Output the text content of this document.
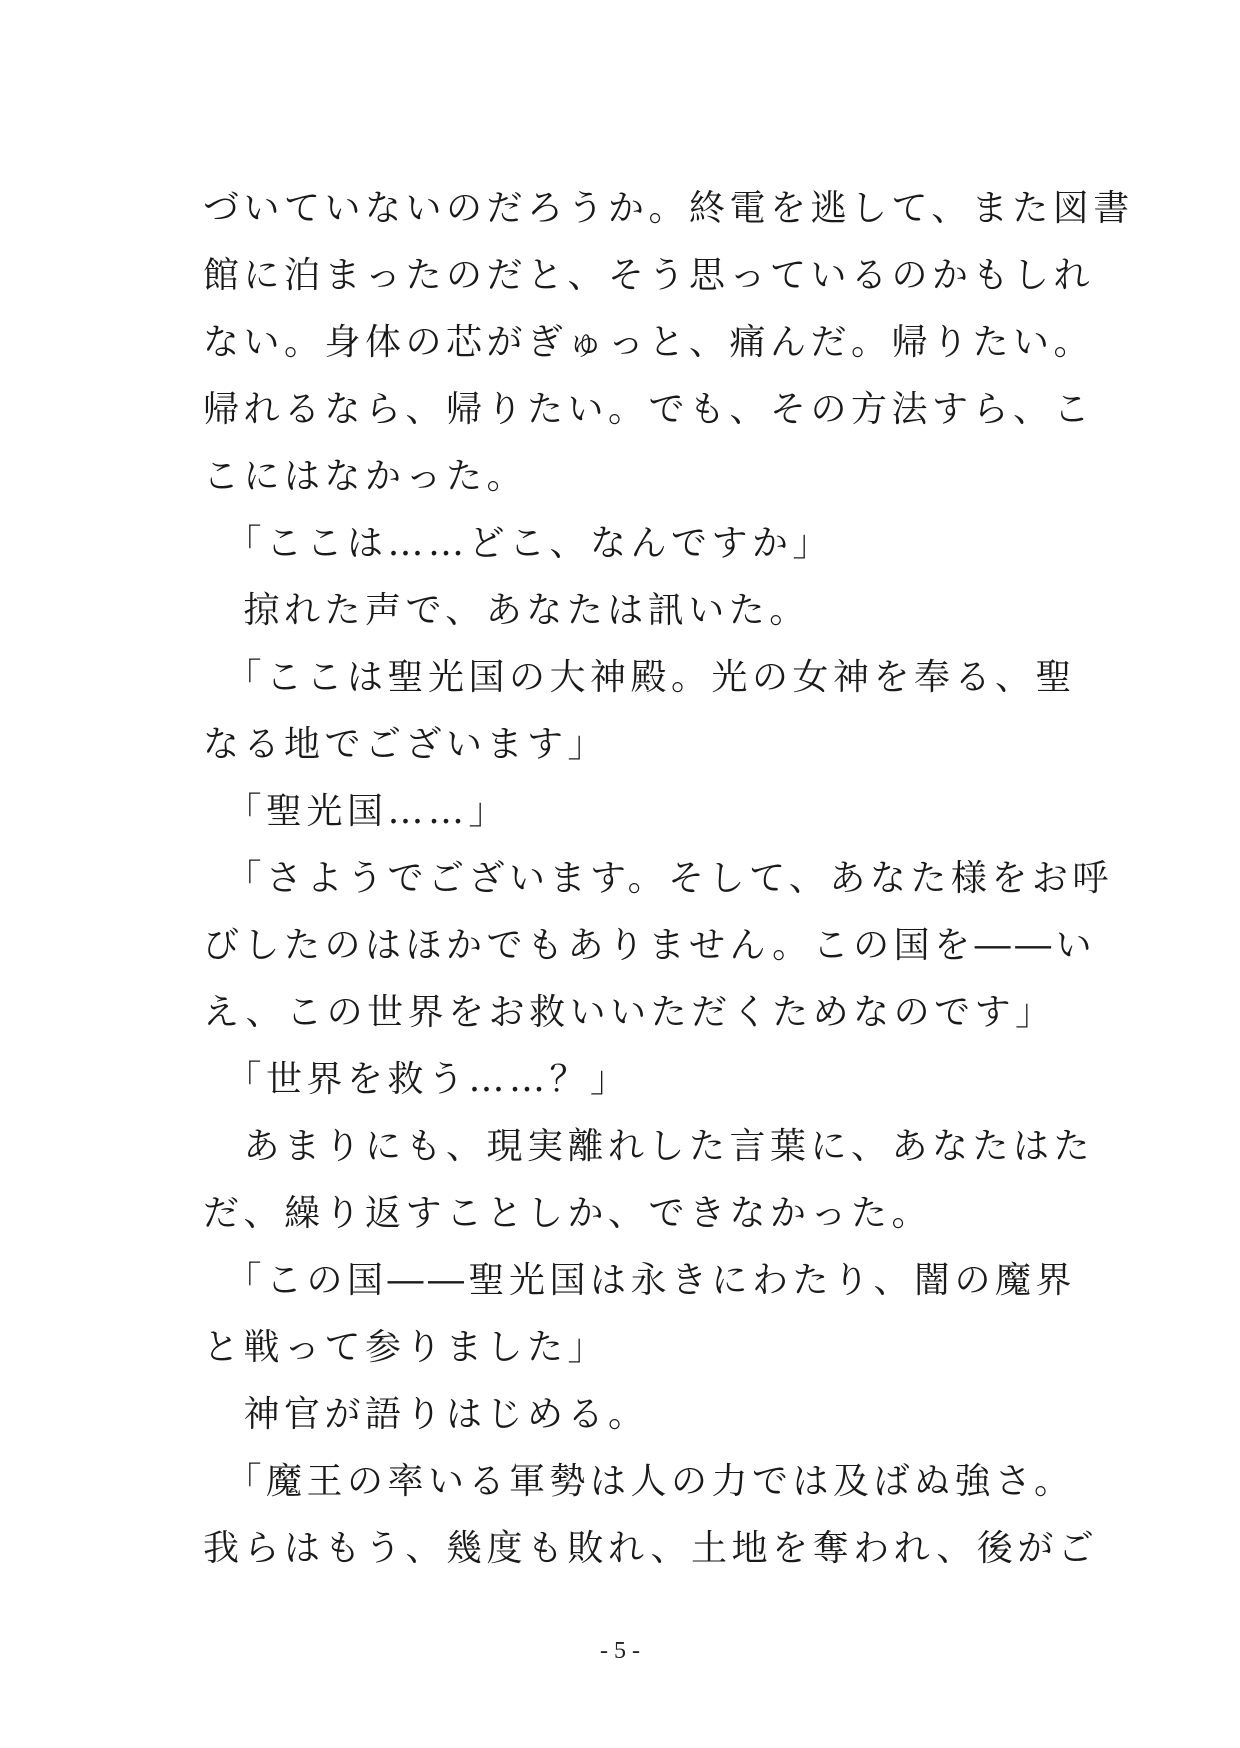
づいていないのだろうか。終電を逃して、また図書
館に泊まったのだと、そう思っているのかもしれ
ない。身体の芯がぎゅっと、痛んだ。帰りたい。
帰れるなら、帰りたい。でも、その方法すら、こ
こにはなかった。

　「ここは……どこ、なんですか」

　掠れた声で、あなたは訊いた。

　「ここは聖光国の大神殿。光の女神を奉る、聖
なる地でございます」

　「聖光国……」

　「さようでございます。そして、あなた様をお呼
びしたのはほかでもありません。この国を――い
え、この世界をお救いいただくためなのです」

　「世界を救う……？」

　あまりにも、現実離れした言葉に、あなたはた
だ、繰り返すことしか、できなかった。

　「この国――聖光国は永きにわたり、闇の魔界
と戦って参りました」

　神官が語りはじめる。

　「魔王の率いる軍勢は人の力では及ばぬ強さ。
我らはもう、幾度も敗れ、土地を奪われ、後がご

- 5 -
